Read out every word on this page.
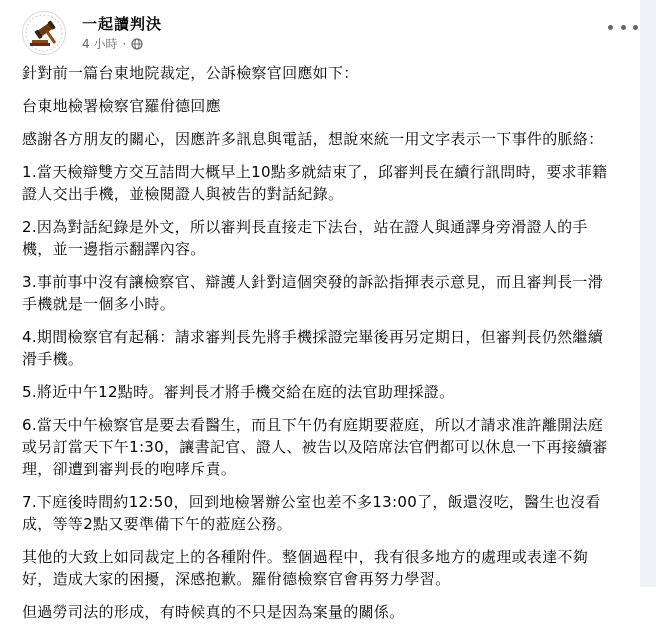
一起讀判決
4 小時 ·

針對前一篇台東地院裁定，公訴檢察官回應如下：

台東地檢署檢察官羅佾德回應

感謝各方朋友的關心，因應許多訊息與電話，想說來統一用文字表示一下事件的脈絡：

1.當天檢辯雙方交互詰問大概早上10點多就結束了，邱審判長在續行訊問時，要求菲籍證人交出手機，並檢閱證人與被告的對話紀錄。

2.因為對話紀錄是外文，所以審判長直接走下法台，站在證人與通譯身旁滑證人的手機，並一邊指示翻譯內容。

3.事前事中沒有讓檢察官、辯護人針對這個突發的訴訟指揮表示意見，而且審判長一滑手機就是一個多小時。

4.期間檢察官有起稱：請求審判長先將手機採證完畢後再另定期日，但審判長仍然繼續滑手機。

5.將近中午12點時。審判長才將手機交給在庭的法官助理採證。

6.當天中午檢察官是要去看醫生，而且下午仍有庭期要蒞庭，所以才請求准許離開法庭或另訂當天下午1:30，讓書記官、證人、被告以及陪席法官們都可以休息一下再接續審理，卻遭到審判長的咆哮斥責。

7.下庭後時間約12:50，回到地檢署辦公室也差不多13:00了，飯還沒吃，醫生也沒看成，等等2點又要準備下午的蒞庭公務。

其他的大致上如同裁定上的各種附件。整個過程中，我有很多地方的處理或表達不夠好，造成大家的困擾，深感抱歉。羅佾德檢察官會再努力學習。

但過勞司法的形成，有時候真的不只是因為案量的關係。
